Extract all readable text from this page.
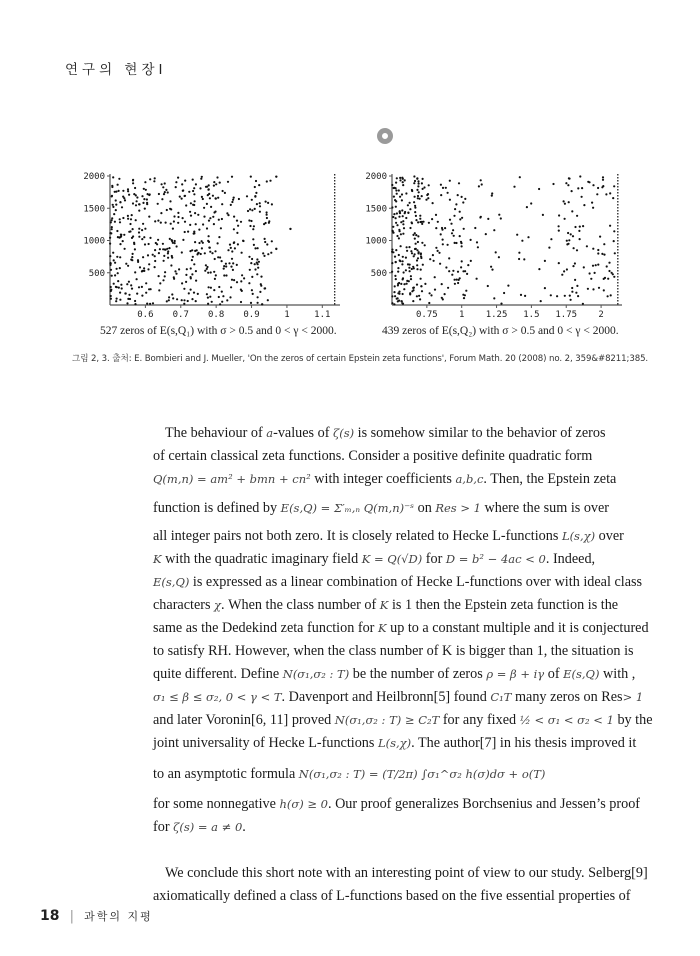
연구의 현장I
500
1000
1500
2000
0.6 0.7 0.8 0.9	1	1.1
527 zeros of E(s,Q₁) with σ > 0.5 and 0 < γ < 2000.
500
1000
1500
2000
0.75 1 1.25 1.5 1.75 2
439 zeros of E(s,Q₂) with σ > 0.5 and 0 < γ < 2000.
그림 2, 3. 출처: E. Bombieri and J. Mueller, 'On the zeros of certain Epstein zeta functions', Forum Math. 20 (2008) no. 2, 359&#8211;385.

The behaviour of a-values of ζ(s) is somehow similar to the behavior of zeros
of certain classical zeta functions. Consider a positive definite quadratic form
Q(m,n) = am² + bmn + cn² with integer coefficients a,b,c. Then, the Epstein zeta
function is defined by E(s,Q) = Σ′ₘ,ₙ Q(m,n)⁻ˢ on Res > 1 where the sum is over
all integer pairs not both zero. It is closely related to Hecke L-functions L(s,χ) over
K with the quadratic imaginary field K = Q(√D) for D = b² − 4ac < 0. Indeed,
E(s,Q) is expressed as a linear combination of Hecke L-functions over with ideal class
characters χ. When the class number of K is 1 then the Epstein zeta function is the
same as the Dedekind zeta function for K up to a constant multiple and it is conjectured
to satisfy RH. However, when the class number of K is bigger than 1, the situation is
quite different. Define N(σ₁,σ₂ : T) be the number of zeros ρ = β + iγ of E(s,Q) with ,
σ₁ ≤ β ≤ σ₂, 0 < γ < T. Davenport and Heilbronn[5] found C₁T many zeros on Res> 1
and later Voronin[6, 11] proved N(σ₁,σ₂ : T) ≥ C₂T for any fixed ½ < σ₁ < σ₂ < 1 by the
joint universality of Hecke L-functions L(s,χ). The author[7] in his thesis improved it
to an asymptotic formula N(σ₁,σ₂ : T) = (T/2π) ∫σ₁^σ₂ h(σ)dσ + o(T)
for some nonnegative h(σ) ≥ 0. Our proof generalizes Borchsenius and Jessen’s proof
for ζ(s) = a ≠ 0.

We conclude this short note with an interesting point of view to our study. Selberg[9]
axiomatically defined a class of L-functions based on the five essential properties of

18 | 과학의 지평
